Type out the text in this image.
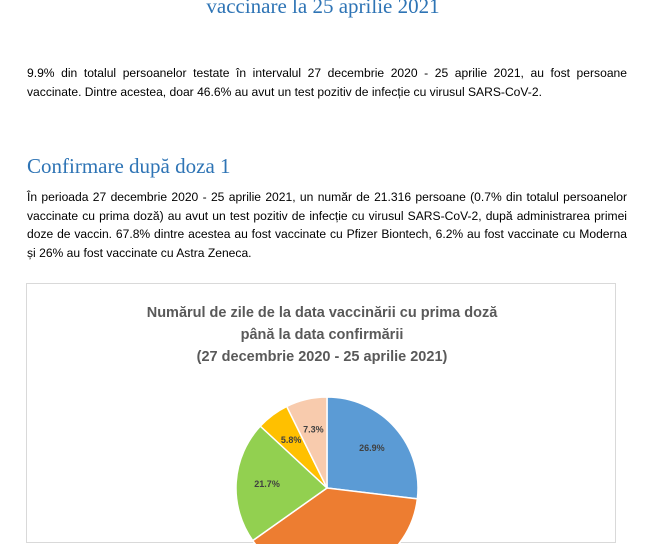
vaccinare la 25 aprilie 2021
9.9% din totalul persoanelor testate în intervalul 27 decembrie 2020 - 25 aprilie 2021, au fost persoane vaccinate. Dintre acestea, doar 46.6% au avut un test pozitiv de infecție cu virusul SARS-CoV-2.
Confirmare după doza 1
În perioada 27 decembrie 2020 - 25 aprilie 2021, un număr de 21.316 persoane (0.7% din totalul persoanelor vaccinate cu prima doză) au avut un test pozitiv de infecție cu virusul SARS-CoV-2, după administrarea primei doze de vaccin. 67.8% dintre acestea au fost vaccinate cu Pfizer Biontech, 6.2% au fost vaccinate cu Moderna și 26% au fost vaccinate cu Astra Zeneca.
Numărul de zile de la data vaccinării cu prima doză
până la data confirmării
(27 decembrie 2020 - 25 aprilie 2021)
26.9%
21.7%
5.8%
7.3%
